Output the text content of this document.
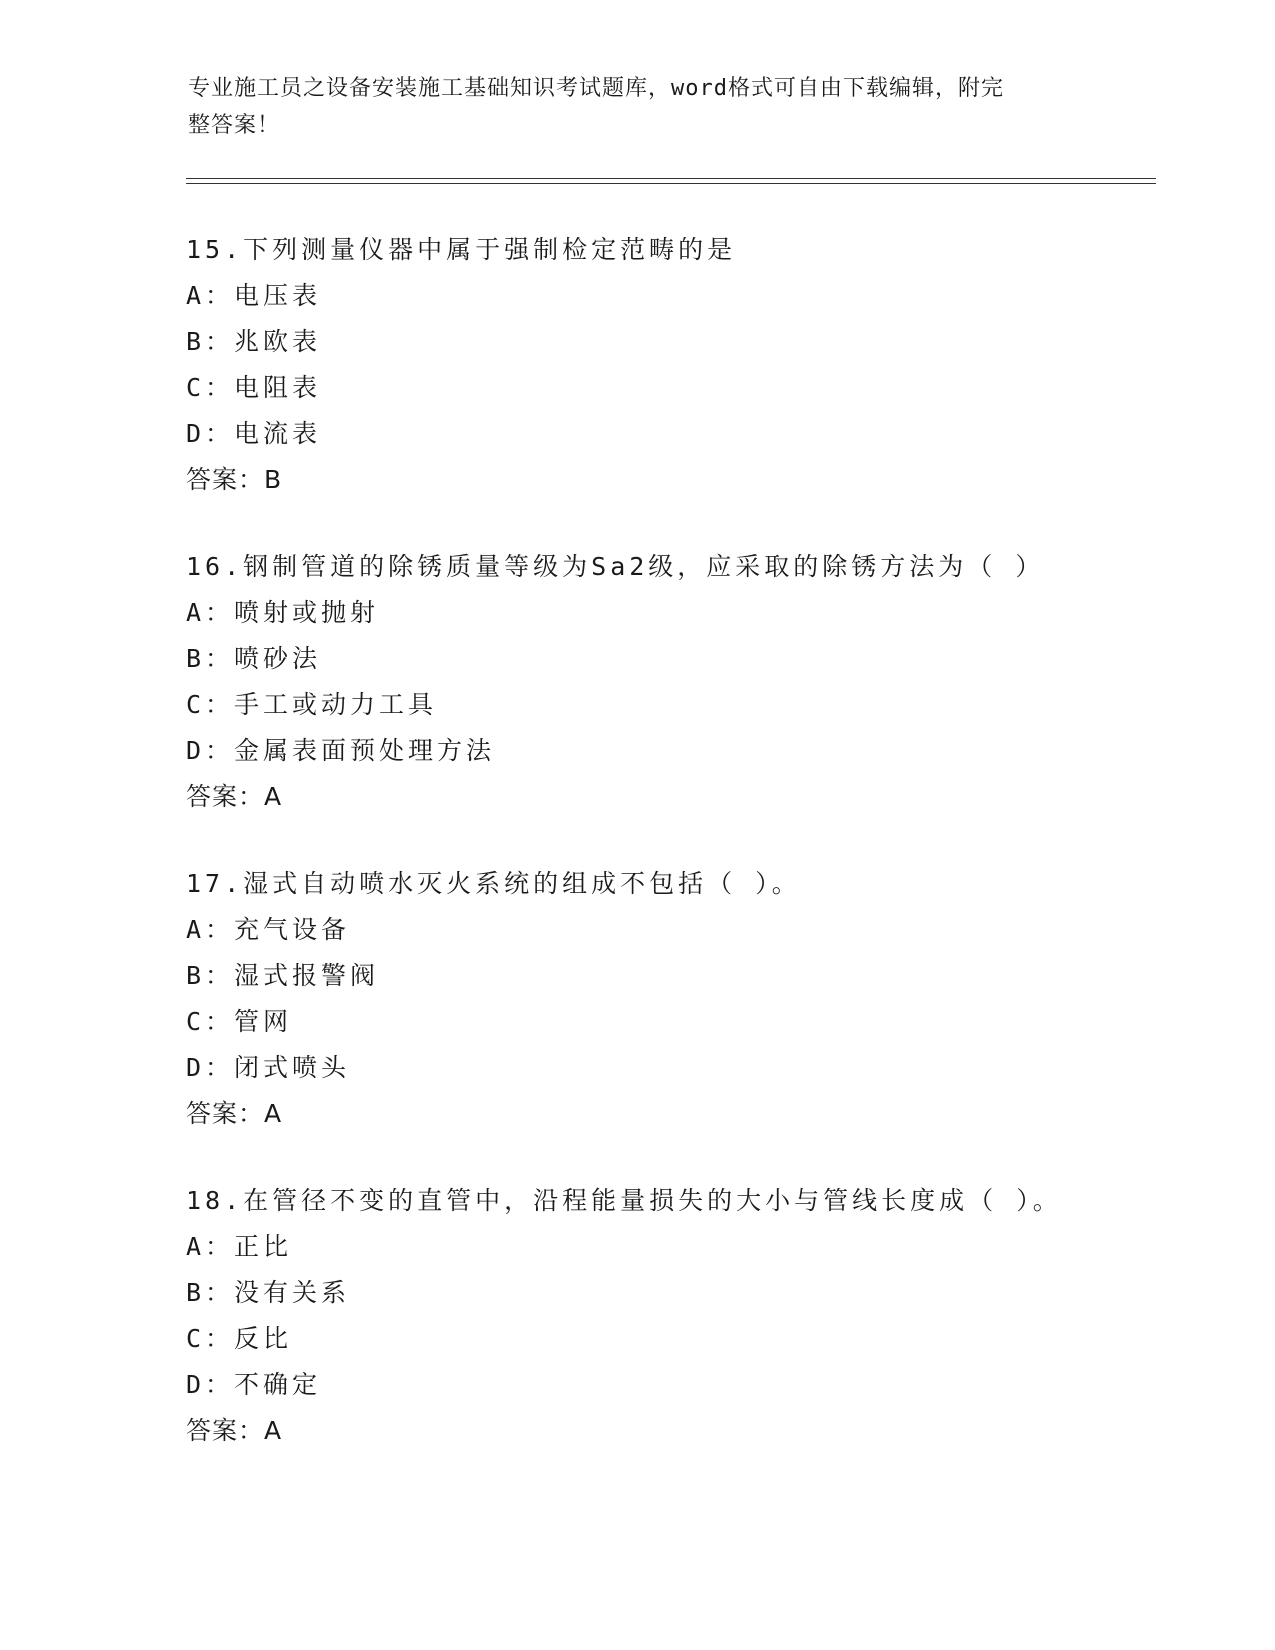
专业施工员之设备安装施工基础知识考试题库，word格式可自由下载编辑，附完
整答案！
15.下列测量仪器中属于强制检定范畴的是
A：电压表
B：兆欧表
C：电阻表
D：电流表
答案：B
16.钢制管道的除锈质量等级为Sa2级，应采取的除锈方法为（ ）
A：喷射或抛射
B：喷砂法
C：手工或动力工具
D：金属表面预处理方法
答案：A
17.湿式自动喷水灭火系统的组成不包括（ ）。
A：充气设备
B：湿式报警阀
C：管网
D：闭式喷头
答案：A
18.在管径不变的直管中，沿程能量损失的大小与管线长度成（ ）。
A：正比
B：没有关系
C：反比
D：不确定
答案：A
